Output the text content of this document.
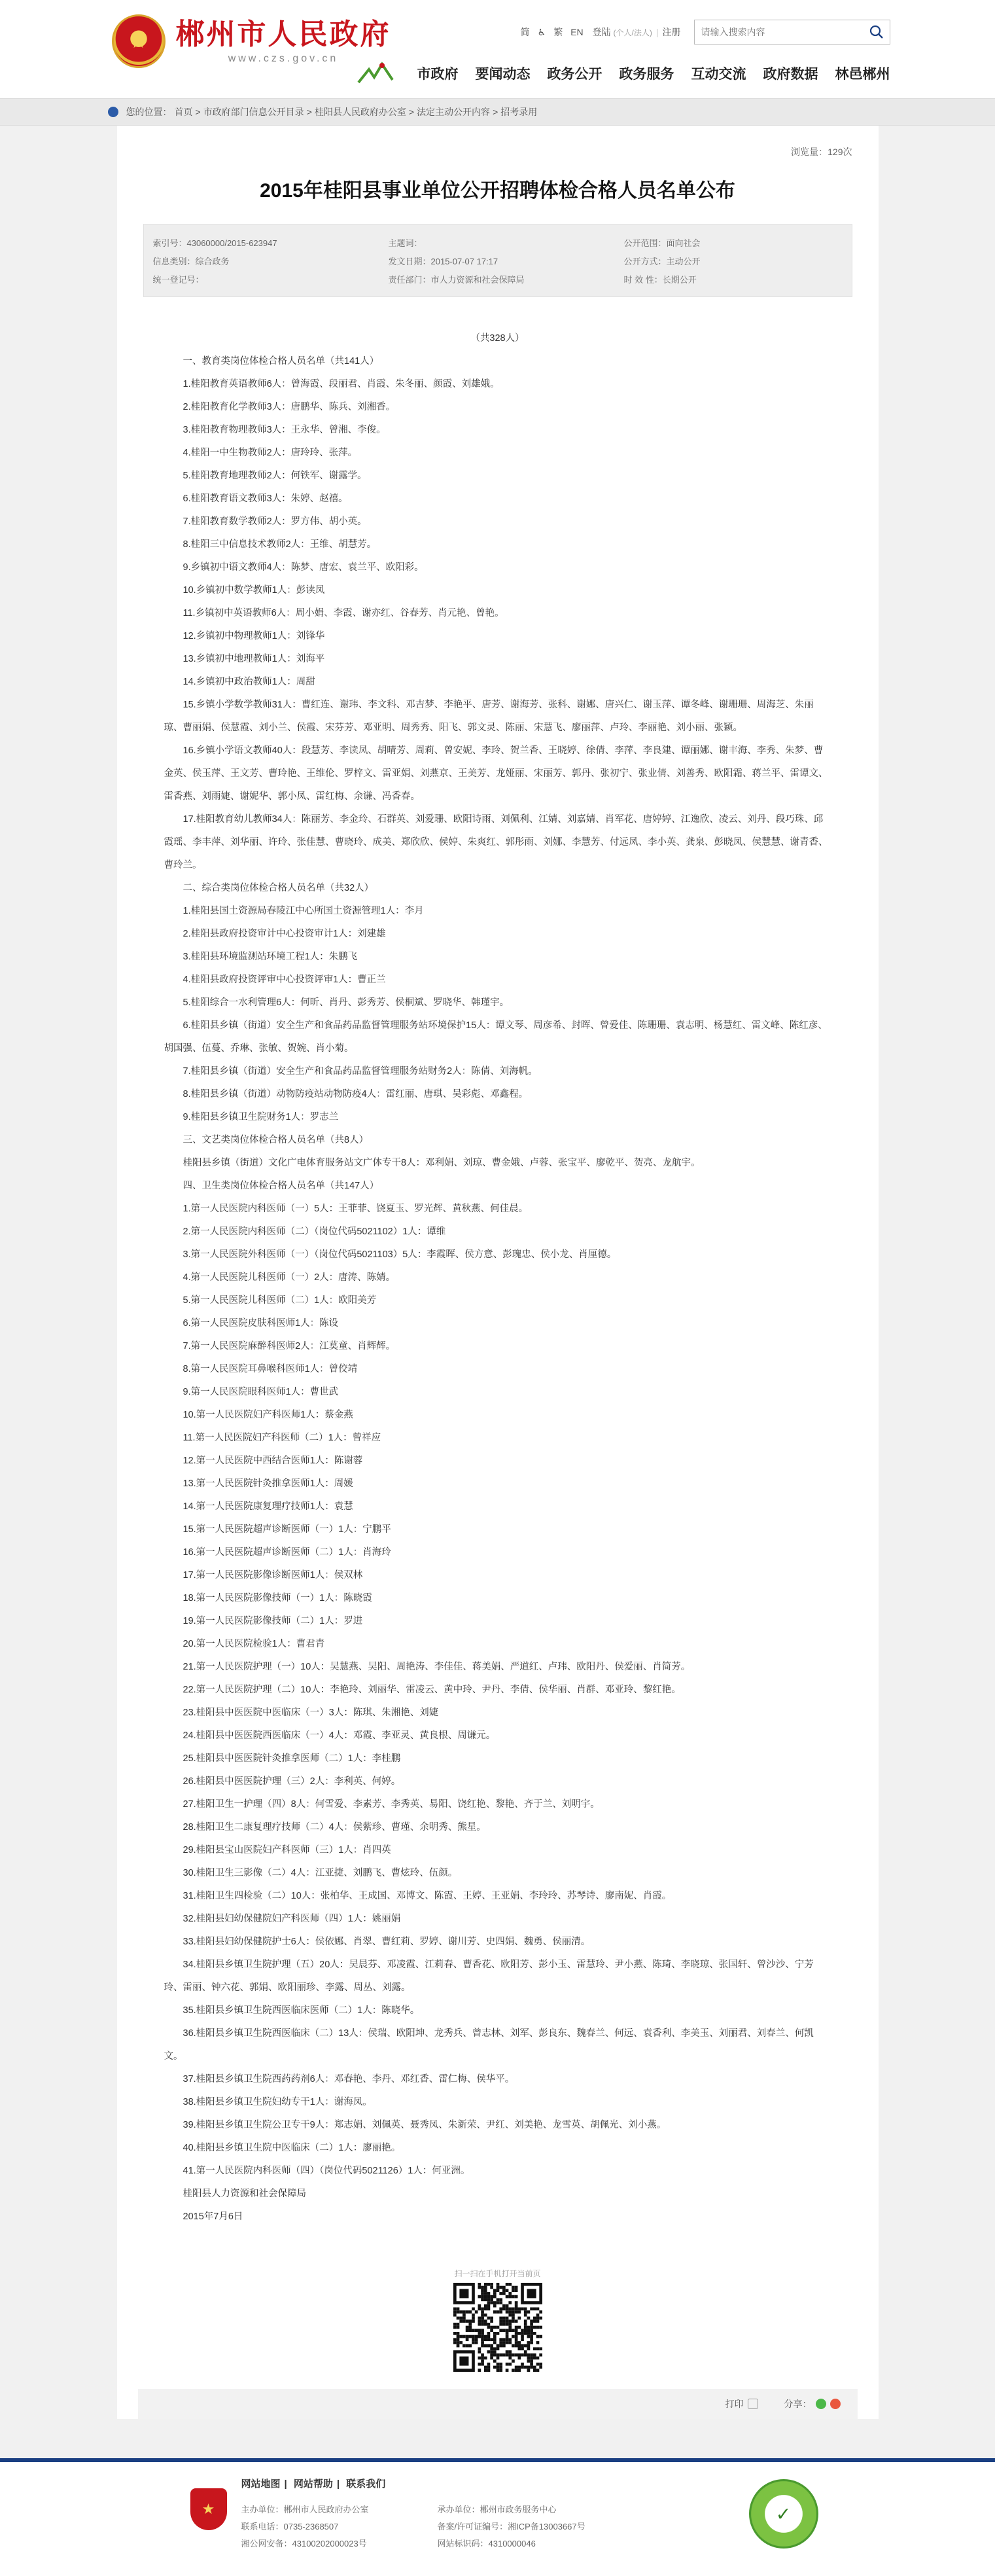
★ 郴州市人民政府
www.czs.gov.cn
简 ♿ 繁 EN 登陆 (个人/法人) | 注册
请输入搜索内容
市政府 要闻动态 政务公开 政务服务 互动交流 政府数据 林邑郴州
您的位置： 首页 > 市政府部门信息公开目录 > 桂阳县人民政府办公室 > 法定主动公开内容 > 招考录用
浏览量：129次
2015年桂阳县事业单位公开招聘体检合格人员名单公布
索引号：43060000/2015-623947	主题词：	公开范围：面向社会
信息类别：综合政务	发文日期：2015-07-07 17:17	公开方式：主动公开
统一登记号：	责任部门：市人力资源和社会保障局	时 效 性：长期公开

（共328人）

一、教育类岗位体检合格人员名单（共141人）

1.桂阳教育英语教师6人：曾海霞、段丽君、肖霞、朱冬丽、颜霞、刘雄娥。

2.桂阳教育化学教师3人：唐鹏华、陈兵、刘湘香。

3.桂阳教育物理教师3人：王永华、曾湘、李俊。

4.桂阳一中生物教师2人：唐玲玲、张萍。

5.桂阳教育地理教师2人：何铁军、谢露学。

6.桂阳教育语文教师3人：朱婷、赵禧。

7.桂阳教育数学教师2人：罗方伟、胡小英。

8.桂阳三中信息技术教师2人：王维、胡慧芳。

9.乡镇初中语文教师4人：陈梦、唐宏、袁兰平、欧阳彩。

10.乡镇初中数学教师1人：彭读凤

11.乡镇初中英语教师6人：周小娟、李霞、谢亦红、谷春芳、肖元艳、曾艳。

12.乡镇初中物理教师1人：刘锋华

13.乡镇初中地理教师1人：刘海平

14.乡镇初中政治教师1人：周甜

15.乡镇小学数学教师31人：曹红连、谢玮、李文科、邓吉梦、李艳平、唐芳、谢海芳、张科、谢娜、唐兴仁、谢玉萍、谭冬峰、谢珊珊、周海芝、朱丽琼、曹丽娟、侯慧霞、刘小兰、侯霞、宋芬芳、邓亚明、周秀秀、阳飞、郭文灵、陈丽、宋慧飞、廖丽萍、卢玲、李丽艳、刘小丽、张颖。

16.乡镇小学语文教师40人：段慧芳、李读凤、胡晴芳、周莉、曾安妮、李玲、贺兰香、王晓婷、徐倩、李萍、李良建、谭丽娜、谢丰海、李秀、朱梦、曹金英、侯玉萍、王文芳、曹玲艳、王维伦、罗梓文、雷亚娟、刘燕京、王美芳、龙娅丽、宋丽芳、郭丹、张初宁、张业倩、刘善秀、欧阳霜、蒋兰平、雷谭文、雷香燕、刘雨婕、谢妮华、郭小凤、雷红梅、余谦、冯香春。

17.桂阳教育幼儿教师34人：陈丽芳、李金玲、石群英、刘爱珊、欧阳诗雨、刘佩利、江婧、刘嘉婧、肖军花、唐婷婷、江逸欣、凌云、刘丹、段巧珠、邱霞瑶、李丰萍、刘华丽、许玲、张佳慧、曹晓玲、成美、郑欣欣、侯婷、朱爽红、郭彤雨、刘娜、李慧芳、付远凤、李小英、龚泉、彭晓凤、侯慧慧、谢青香、曹玲兰。

二、综合类岗位体检合格人员名单（共32人）

1.桂阳县国土资源局春陵江中心所国土资源管理1人：李月

2.桂阳县政府投资审计中心投资审计1人：刘建雄

3.桂阳县环境监测站环境工程1人：朱鹏飞

4.桂阳县政府投资评审中心投资评审1人：曹正兰

5.桂阳综合一水利管理6人：何昕、肖丹、彭秀芳、侯桐斌、罗晓华、韩瑾宇。

6.桂阳县乡镇（街道）安全生产和食品药品监督管理服务站环境保护15人：谭文琴、周彦希、封晖、曾爱佳、陈珊珊、袁志明、杨慧红、雷文峰、陈红彦、胡国强、伍蔓、乔琳、张敏、贺婉、肖小菊。

7.桂阳县乡镇（街道）安全生产和食品药品监督管理服务站财务2人：陈倩、刘海帆。

8.桂阳县乡镇（街道）动物防疫站动物防疫4人：雷红丽、唐琪、吴彩彪、邓鑫程。

9.桂阳县乡镇卫生院财务1人：罗志兰

三、文艺类岗位体检合格人员名单（共8人）

桂阳县乡镇（街道）文化广电体育服务站文广体专干8人：邓利娟、刘琼、曹金娥、卢蓉、张宝平、廖乾平、贺亮、龙航宇。

四、卫生类岗位体检合格人员名单（共147人）

1.第一人民医院内科医师（一）5人：王菲菲、饶夏玉、罗光辉、黄秋燕、何佳晨。

2.第一人民医院内科医师（二）（岗位代码5021102）1人：谭维

3.第一人民医院外科医师（一）（岗位代码5021103）5人：李霞晖、侯方意、彭瑰忠、侯小龙、肖厘德。

4.第一人民医院儿科医师（一）2人：唐涛、陈婧。

5.第一人民医院儿科医师（二）1人：欧阳美芳

6.第一人民医院皮肤科医师1人：陈设

7.第一人民医院麻醉科医师2人：江莫童、肖辉辉。

8.第一人民医院耳鼻喉科医师1人：曾佼靖

9.第一人民医院眼科医师1人：曹世武

10.第一人民医院妇产科医师1人：蔡金燕

11.第一人民医院妇产科医师（二）1人：曾祥应

12.第一人民医院中西结合医师1人：陈谢蓉

13.第一人民医院针灸推拿医师1人：周媛

14.第一人民医院康复理疗技师1人：袁慧

15.第一人民医院超声诊断医师（一）1人：宁鹏平

16.第一人民医院超声诊断医师（二）1人：肖海玲

17.第一人民医院影像诊断医师1人：侯双林

18.第一人民医院影像技师（一）1人：陈晓霞

19.第一人民医院影像技师（二）1人：罗进

20.第一人民医院检验1人：曹君青

21.第一人民医院护理（一）10人：吴慧燕、吴阳、周艳涛、李佳佳、蒋美娟、严道红、卢玮、欧阳丹、侯爱丽、肖简芳。

22.第一人民医院护理（二）10人：李艳玲、刘丽华、雷凌云、黄中玲、尹丹、李倩、侯华丽、肖群、邓亚玲、黎红艳。

23.桂阳县中医医院中医临床（一）3人：陈琪、朱湘艳、刘婕

24.桂阳县中医医院西医临床（一）4人：邓霞、李亚灵、黄良根、周谦元。

25.桂阳县中医医院针灸推拿医师（二）1人：李桂鹏

26.桂阳县中医医院护理（三）2人：李利英、何婷。

27.桂阳卫生一护理（四）8人：何雪爱、李素芳、李秀英、易阳、饶红艳、黎艳、齐于兰、刘明宇。

28.桂阳卫生二康复理疗技师（二）4人：侯紫珍、曹瑾、余明秀、熊星。

29.桂阳县宝山医院妇产科医师（三）1人：肖四英

30.桂阳卫生三影像（二）4人：江亚捷、刘鹏飞、曹炫玲、伍颜。

31.桂阳卫生四检验（二）10人：张柏华、王成国、邓博文、陈霞、王婷、王亚娟、李玲玲、苏琴诗、廖南妮、肖霞。

32.桂阳县妇幼保健院妇产科医师（四）1人：姚丽娟

33.桂阳县妇幼保健院护士6人：侯依娜、肖翠、曹红莉、罗婷、谢川芳、史四娟、魏勇、侯丽清。

34.桂阳县乡镇卫生院护理（五）20人：吴晨芬、邓凌霞、江莉春、曹香花、欧阳芳、彭小玉、雷慧玲、尹小燕、陈琦、李晓琼、张国轩、曾沙沙、宁芳玲、雷丽、钟六花、郭娟、欧阳丽珍、李露、周丛、刘露。

35.桂阳县乡镇卫生院西医临床医师（二）1人：陈晓华。

36.桂阳县乡镇卫生院西医临床（二）13人：侯瑞、欧阳坤、龙秀兵、曾志林、刘军、彭良东、魏春兰、何远、袁香利、李美玉、刘丽君、刘春兰、何凯文。

37.桂阳县乡镇卫生院西药药剂6人：邓春艳、李丹、邓红香、雷仁梅、侯华平。

38.桂阳县乡镇卫生院妇幼专干1人：谢海凤。

39.桂阳县乡镇卫生院公卫专干9人：郑志娟、刘佩英、聂秀凤、朱新荣、尹红、刘美艳、龙雪英、胡佩光、刘小燕。

40.桂阳县乡镇卫生院中医临床（二）1人：廖丽艳。

41.第一人民医院内科医师（四）（岗位代码5021126）1人：何亚洲。

桂阳县人力资源和社会保障局

2015年7月6日

扫一扫在手机打开当前页
打印	分享：
★
网站地图 | 网站帮助 | 联系我们
主办单位：郴州市人民政府办公室
联系电话：0735-2368507
湘公网安备：43100202000023号
承办单位：郴州市政务服务中心
备案/许可证编号：湘ICP备13003667号
网站标识码：4310000046
✓
